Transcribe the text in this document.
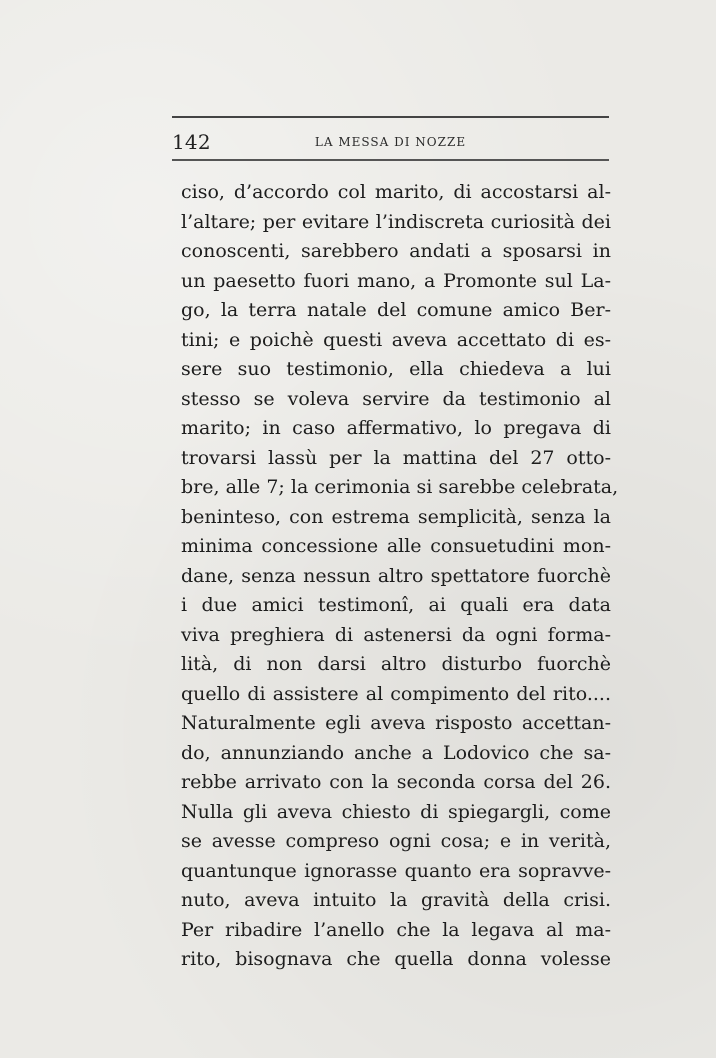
142	LA MESSA DI NOZZE
ciso, d’accordo col marito, di accostarsi al-
l’altare; per evitare l’indiscreta curiosità dei
conoscenti, sarebbero andati a sposarsi in
un paesetto fuori mano, a Promonte sul La-
go, la terra natale del comune amico Ber-
tini; e poichè questi aveva accettato di es-
sere suo testimonio, ella chiedeva a lui
stesso se voleva servire da testimonio al
marito; in caso affermativo, lo pregava di
trovarsi lassù per la mattina del 27 otto-
bre, alle 7; la cerimonia si sarebbe celebrata,
beninteso, con estrema semplicità, senza la
minima concessione alle consuetudini mon-
dane, senza nessun altro spettatore fuorchè
i due amici testimonî, ai quali era data
viva preghiera di astenersi da ogni forma-
lità, di non darsi altro disturbo fuorchè
quello di assistere al compimento del rito....
Naturalmente egli aveva risposto accettan-
do, annunziando anche a Lodovico che sa-
rebbe arrivato con la seconda corsa del 26.
Nulla gli aveva chiesto di spiegargli, come
se avesse compreso ogni cosa; e in verità,
quantunque ignorasse quanto era sopravve-
nuto, aveva intuito la gravità della crisi.
Per ribadire l’anello che la legava al ma-
rito, bisognava che quella donna volesse
